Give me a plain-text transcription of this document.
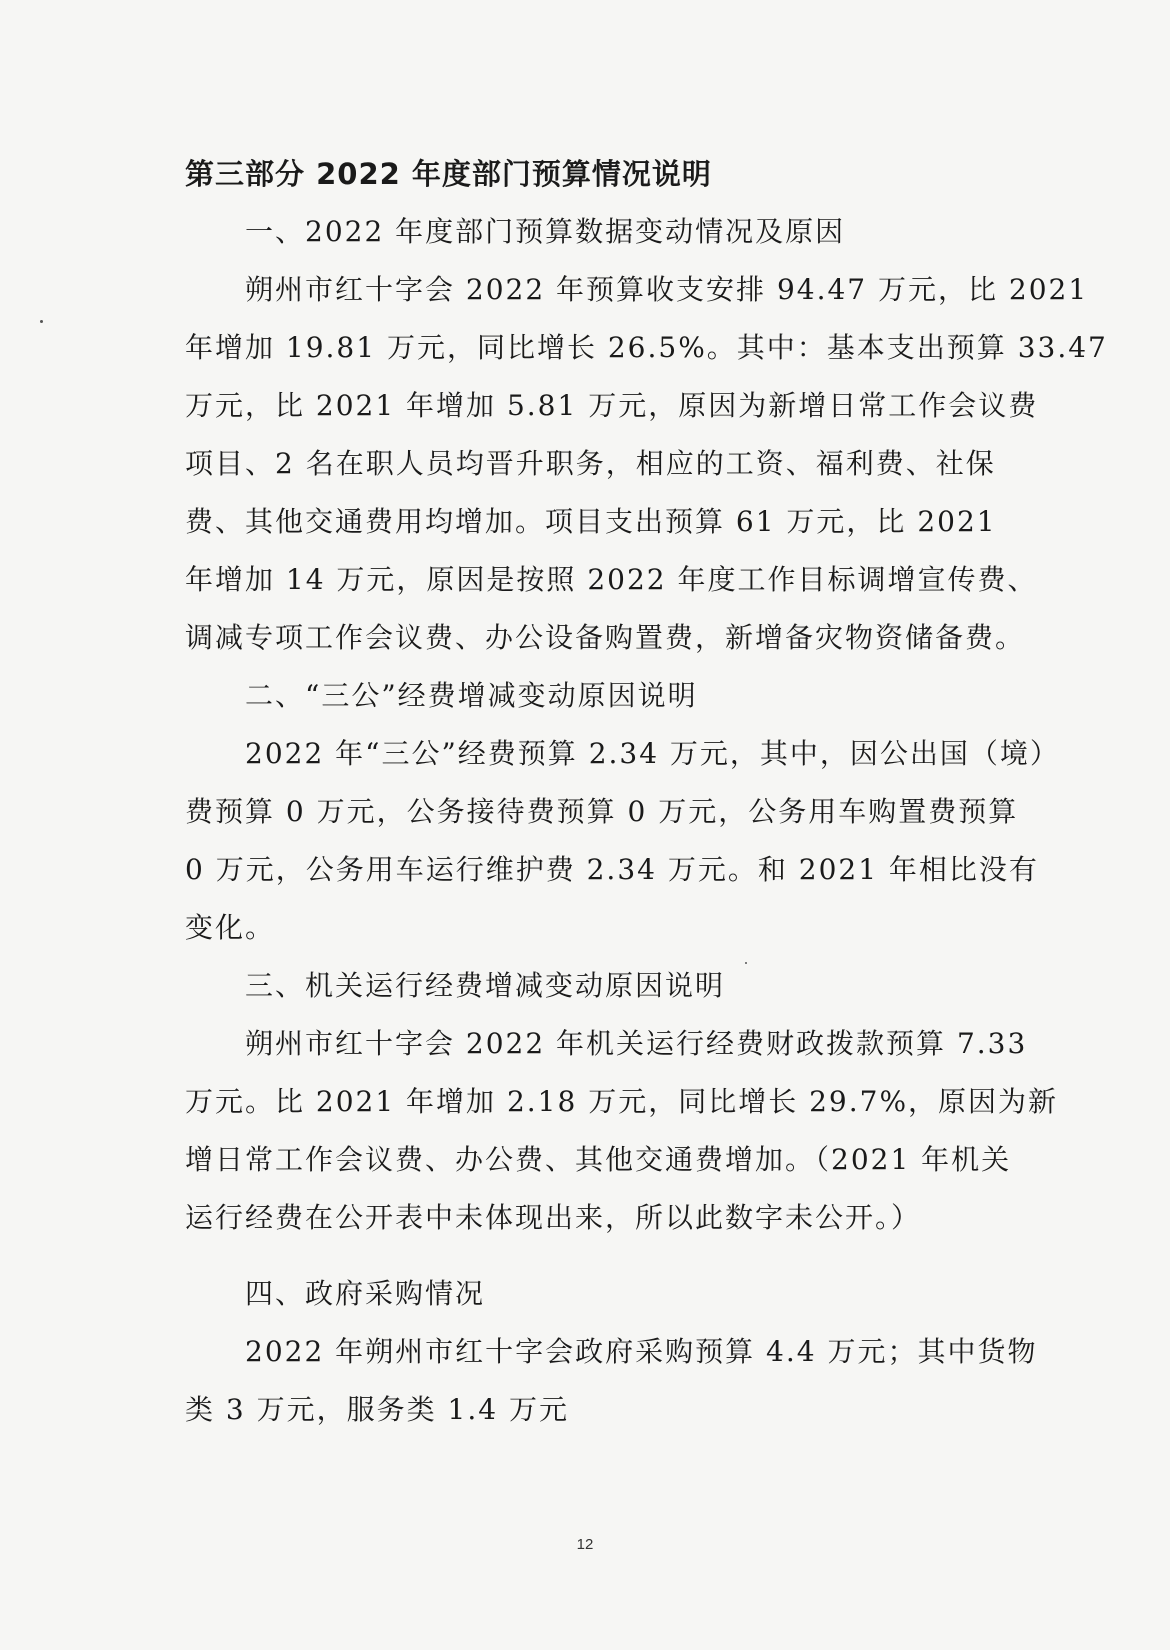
第三部分 2022 年度部门预算情况说明
一、2022 年度部门预算数据变动情况及原因
朔州市红十字会 2022 年预算收支安排 94.47 万元，比 2021
年增加 19.81 万元，同比增长 26.5%。其中：基本支出预算 33.47
万元，比 2021 年增加 5.81 万元，原因为新增日常工作会议费
项目、2 名在职人员均晋升职务，相应的工资、福利费、社保
费、其他交通费用均增加。项目支出预算 61 万元，比 2021
年增加 14 万元，原因是按照 2022 年度工作目标调增宣传费、
调减专项工作会议费、办公设备购置费，新增备灾物资储备费。
二、“三公”经费增减变动原因说明
2022 年“三公”经费预算 2.34 万元，其中，因公出国（境）
费预算 0 万元，公务接待费预算 0 万元，公务用车购置费预算
0 万元，公务用车运行维护费 2.34 万元。和 2021 年相比没有
变化。
三、机关运行经费增减变动原因说明
朔州市红十字会 2022 年机关运行经费财政拨款预算 7.33
万元。比 2021 年增加 2.18 万元，同比增长 29.7%，原因为新
增日常工作会议费、办公费、其他交通费增加。（2021 年机关
运行经费在公开表中未体现出来，所以此数字未公开。）
四、政府采购情况
2022 年朔州市红十字会政府采购预算 4.4 万元；其中货物
类 3 万元，服务类 1.4 万元
12
